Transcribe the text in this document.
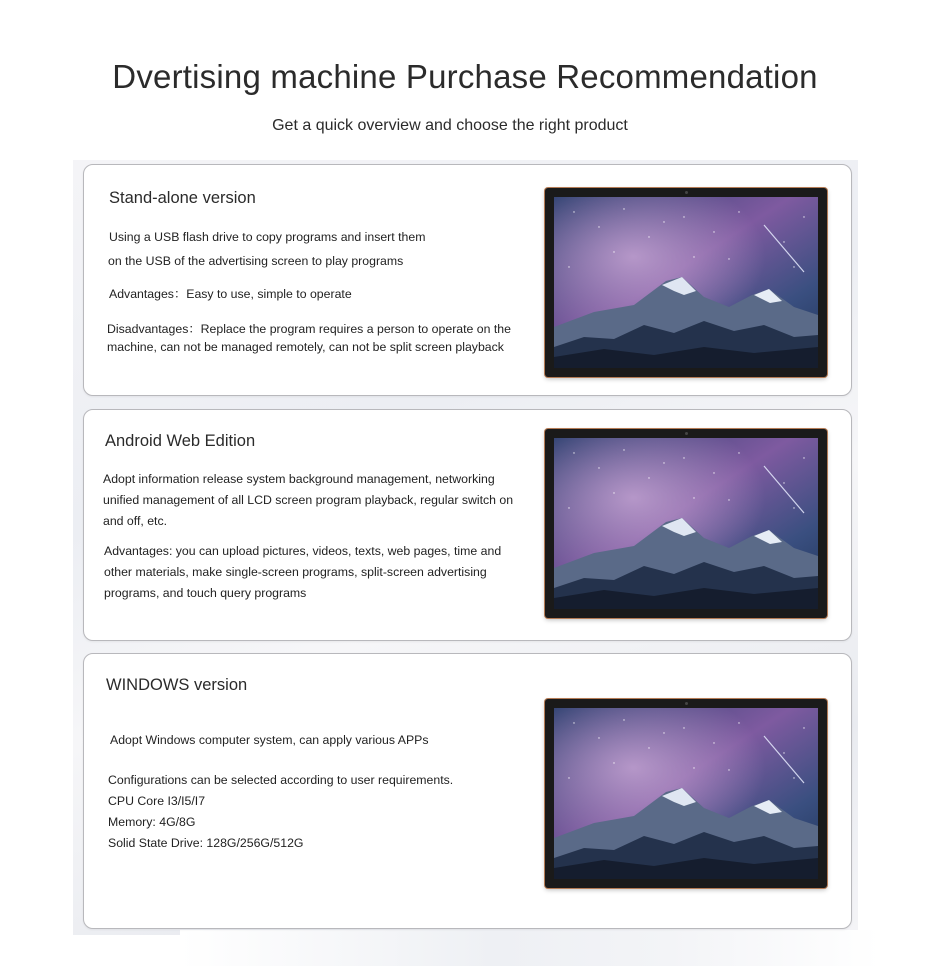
Dvertising machine Purchase Recommendation
Get a quick overview and choose the right product
Stand-alone version
Using a USB flash drive to copy programs and insert them
on the USB of the advertising screen to play programs
Advantages：Easy to use, simple to operate
Disadvantages：Replace the program requires a person to operate on the
machine, can not be managed remotely, can not be split screen playback
Android Web Edition
Adopt information release system background management, networking
unified management of all LCD screen program playback, regular switch on
and off, etc.
Advantages: you can upload pictures, videos, texts, web pages, time and
other materials, make single-screen programs, split-screen advertising
programs, and touch query programs
WINDOWS version
Adopt Windows computer system, can apply various APPs
Configurations can be selected according to user requirements.
CPU Core I3/I5/I7
Memory: 4G/8G
Solid State Drive: 128G/256G/512G
